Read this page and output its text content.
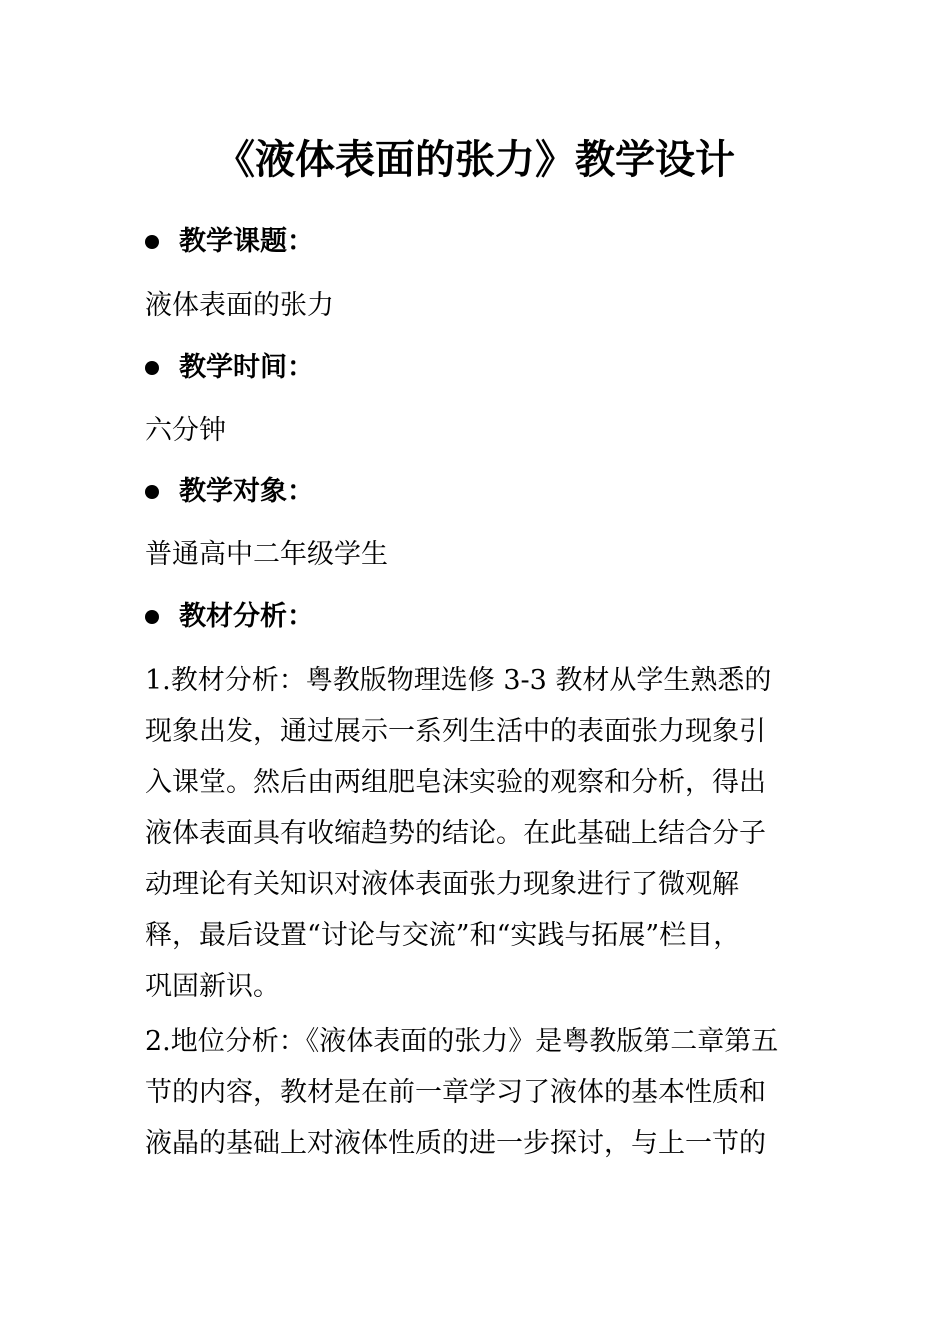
《液体表面的张力》教学设计
教学课题：
液体表面的张力
教学时间：
六分钟
教学对象：
普通高中二年级学生
教材分析：
1.教材分析：粤教版物理选修 3-3 教材从学生熟悉的
现象出发，通过展示一系列生活中的表面张力现象引
入课堂。然后由两组肥皂沫实验的观察和分析，得出
液体表面具有收缩趋势的结论。在此基础上结合分子
动理论有关知识对液体表面张力现象进行了微观解
释，最后设置“讨论与交流”和“实践与拓展”栏目，
巩固新识。
2.地位分析：《液体表面的张力》是粤教版第二章第五
节的内容，教材是在前一章学习了液体的基本性质和
液晶的基础上对液体性质的进一步探讨，与上一节的
